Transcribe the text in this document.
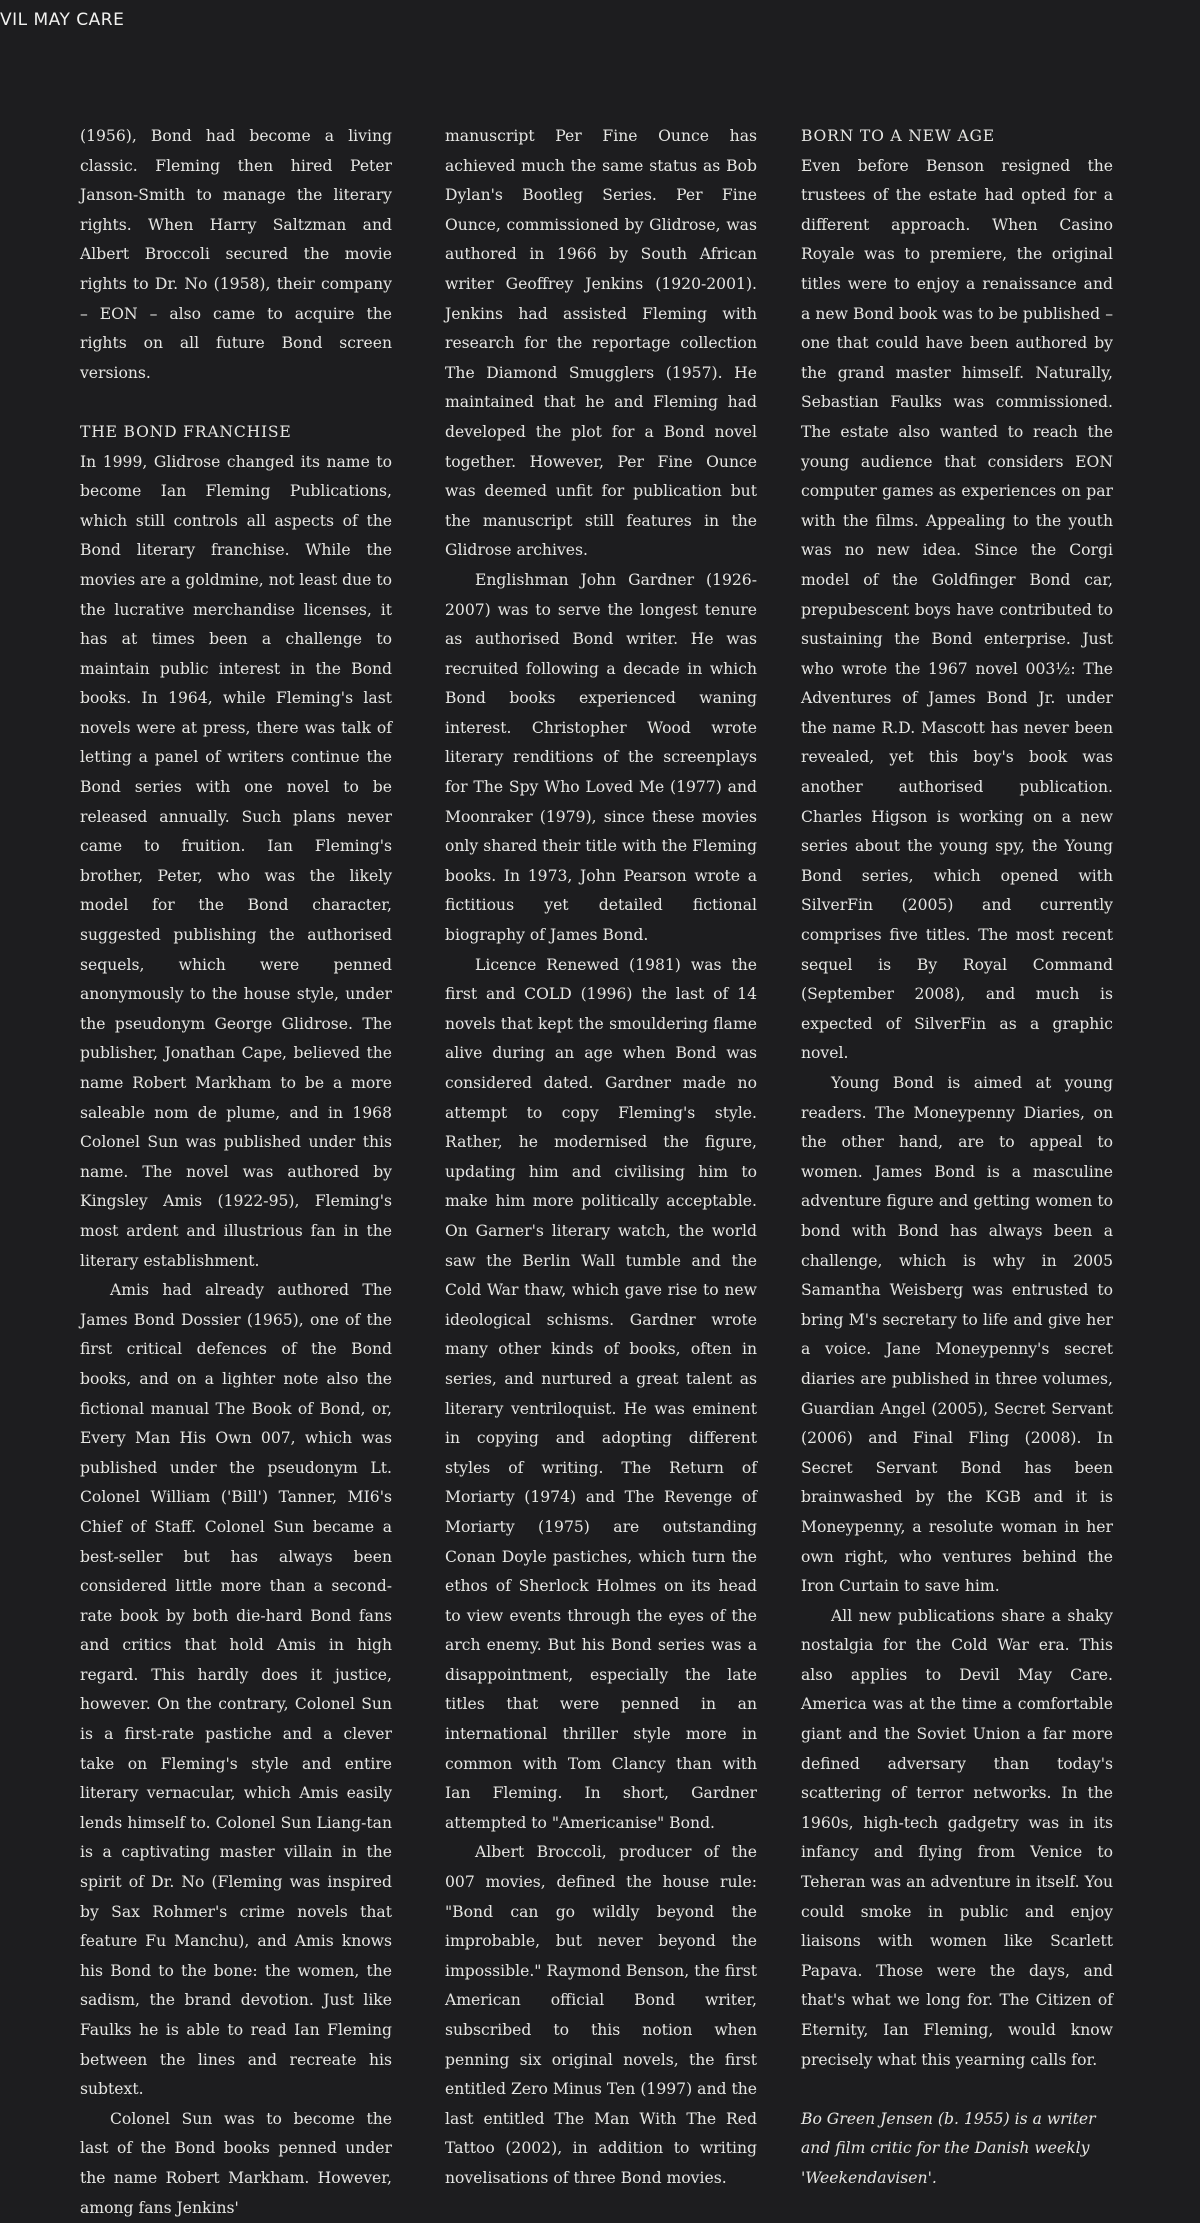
VIL MAY CARE

(1956), Bond had become a living classic. Fleming then hired Peter Janson-Smith to manage the literary rights. When Harry Saltzman and Albert Broccoli secured the movie rights to Dr. No (1958), their company – EON – also came to acquire the rights on all future Bond screen versions.

THE BOND FRANCHISE

In 1999, Glidrose changed its name to become Ian Fleming Publications, which still controls all aspects of the Bond literary franchise. While the movies are a goldmine, not least due to the lucrative merchandise licenses, it has at times been a challenge to maintain public interest in the Bond books. In 1964, while Fleming's last novels were at press, there was talk of letting a panel of writers continue the Bond series with one novel to be released annually. Such plans never came to fruition. Ian Fleming's brother, Peter, who was the likely model for the Bond character, suggested publishing the authorised sequels, which were penned anonymously to the house style, under the pseudonym George Glidrose. The publisher, Jonathan Cape, believed the name Robert Markham to be a more saleable nom de plume, and in 1968 Colonel Sun was published under this name. The novel was authored by Kingsley Amis (1922-95), Fleming's most ardent and illustrious fan in the literary establishment.

Amis had already authored The James Bond Dossier (1965), one of the first critical defences of the Bond books, and on a lighter note also the fictional manual The Book of Bond, or, Every Man His Own 007, which was published under the pseudonym Lt. Colonel William ('Bill') Tanner, MI6's Chief of Staff. Colonel Sun became a best-seller but has always been considered little more than a second-rate book by both die-hard Bond fans and critics that hold Amis in high regard. This hardly does it justice, however. On the contrary, Colonel Sun is a first-rate pastiche and a clever take on Fleming's style and entire literary vernacular, which Amis easily lends himself to. Colonel Sun Liang-tan is a captivating master villain in the spirit of Dr. No (Fleming was inspired by Sax Rohmer's crime novels that feature Fu Manchu), and Amis knows his Bond to the bone: the women, the sadism, the brand devotion. Just like Faulks he is able to read Ian Fleming between the lines and recreate his subtext.

Colonel Sun was to become the last of the Bond books penned under the name Robert Markham. However, among fans Jenkins'

manuscript Per Fine Ounce has achieved much the same status as Bob Dylan's Bootleg Series. Per Fine Ounce, commissioned by Glidrose, was authored in 1966 by South African writer Geoffrey Jenkins (1920-2001). Jenkins had assisted Fleming with research for the reportage collection The Diamond Smugglers (1957). He maintained that he and Fleming had developed the plot for a Bond novel together. However, Per Fine Ounce was deemed unfit for publication but the manuscript still features in the Glidrose archives.

Englishman John Gardner (1926-2007) was to serve the longest tenure as authorised Bond writer. He was recruited following a decade in which Bond books experienced waning interest. Christopher Wood wrote literary renditions of the screenplays for The Spy Who Loved Me (1977) and Moonraker (1979), since these movies only shared their title with the Fleming books. In 1973, John Pearson wrote a fictitious yet detailed fictional biography of James Bond.

Licence Renewed (1981) was the first and COLD (1996) the last of 14 novels that kept the smouldering flame alive during an age when Bond was considered dated. Gardner made no attempt to copy Fleming's style. Rather, he modernised the figure, updating him and civilising him to make him more politically acceptable. On Garner's literary watch, the world saw the Berlin Wall tumble and the Cold War thaw, which gave rise to new ideological schisms. Gardner wrote many other kinds of books, often in series, and nurtured a great talent as literary ventriloquist. He was eminent in copying and adopting different styles of writing. The Return of Moriarty (1974) and The Revenge of Moriarty (1975) are outstanding Conan Doyle pastiches, which turn the ethos of Sherlock Holmes on its head to view events through the eyes of the arch enemy. But his Bond series was a disappointment, especially the late titles that were penned in an international thriller style more in common with Tom Clancy than with Ian Fleming. In short, Gardner attempted to "Americanise" Bond.

Albert Broccoli, producer of the 007 movies, defined the house rule: "Bond can go wildly beyond the improbable, but never beyond the impossible." Raymond Benson, the first American official Bond writer, subscribed to this notion when penning six original novels, the first entitled Zero Minus Ten (1997) and the last entitled The Man With The Red Tattoo (2002), in addition to writing novelisations of three Bond movies.

BORN TO A NEW AGE

Even before Benson resigned the trustees of the estate had opted for a different approach. When Casino Royale was to premiere, the original titles were to enjoy a renaissance and a new Bond book was to be published – one that could have been authored by the grand master himself. Naturally, Sebastian Faulks was commissioned. The estate also wanted to reach the young audience that considers EON computer games as experiences on par with the films. Appealing to the youth was no new idea. Since the Corgi model of the Goldfinger Bond car, prepubescent boys have contributed to sustaining the Bond enterprise. Just who wrote the 1967 novel 003½: The Adventures of James Bond Jr. under the name R.D. Mascott has never been revealed, yet this boy's book was another authorised publication. Charles Higson is working on a new series about the young spy, the Young Bond series, which opened with SilverFin (2005) and currently comprises five titles. The most recent sequel is By Royal Command (September 2008), and much is expected of SilverFin as a graphic novel.

Young Bond is aimed at young readers. The Moneypenny Diaries, on the other hand, are to appeal to women. James Bond is a masculine adventure figure and getting women to bond with Bond has always been a challenge, which is why in 2005 Samantha Weisberg was entrusted to bring M's secretary to life and give her a voice. Jane Moneypenny's secret diaries are published in three volumes, Guardian Angel (2005), Secret Servant (2006) and Final Fling (2008). In Secret Servant Bond has been brainwashed by the KGB and it is Moneypenny, a resolute woman in her own right, who ventures behind the Iron Curtain to save him.

All new publications share a shaky nostalgia for the Cold War era. This also applies to Devil May Care. America was at the time a comfortable giant and the Soviet Union a far more defined adversary than today's scattering of terror networks. In the 1960s, high-tech gadgetry was in its infancy and flying from Venice to Teheran was an adventure in itself. You could smoke in public and enjoy liaisons with women like Scarlett Papava. Those were the days, and that's what we long for. The Citizen of Eternity, Ian Fleming, would know precisely what this yearning calls for.

Bo Green Jensen (b. 1955) is a writer and film critic for the Danish weekly 'Weekendavisen'.
